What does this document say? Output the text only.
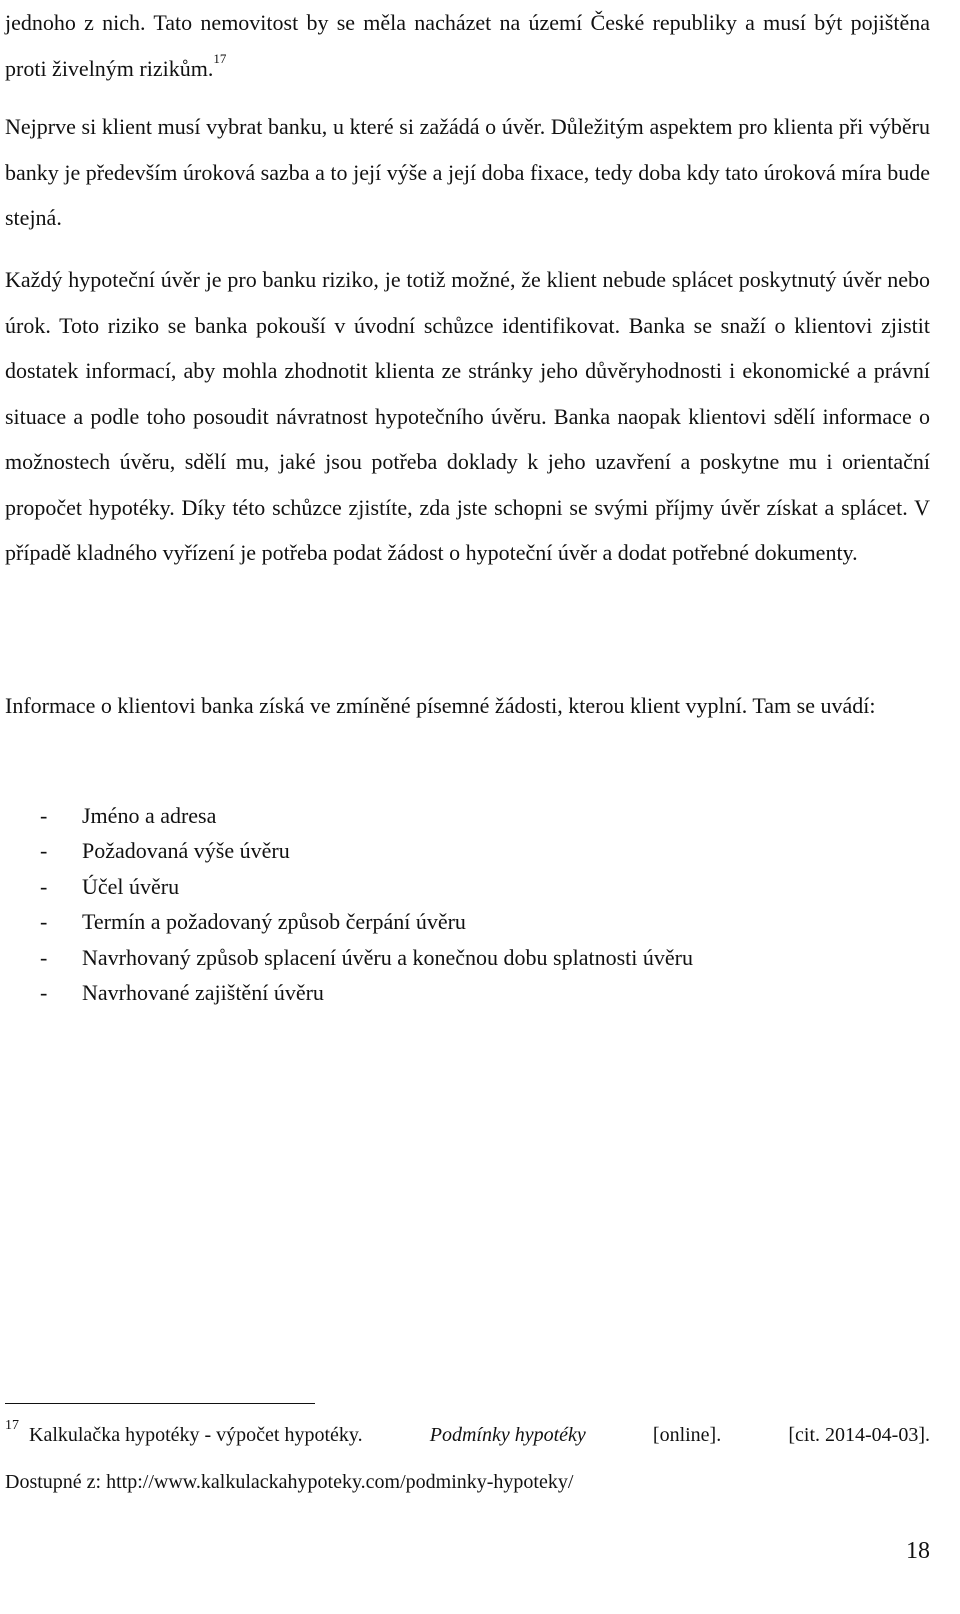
jednoho z nich. Tato nemovitost by se měla nacházet na území České republiky a musí být pojištěna proti živelným rizikům.$^{17}$

Nejprve si klient musí vybrat banku, u které si zažádá o úvěr. Důležitým aspektem pro klienta při výběru banky je především úroková sazba a to její výše a její doba fixace, tedy doba kdy tato úroková míra bude stejná.

Každý hypoteční úvěr je pro banku riziko, je totiž možné, že klient nebude splácet poskytnutý úvěr nebo úrok. Toto riziko se banka pokouší v úvodní schůzce identifikovat. Banka se snaží o klientovi zjistit dostatek informací, aby mohla zhodnotit klienta ze stránky jeho důvěryhodnosti i ekonomické a právní situace a podle toho posoudit návratnost hypotečního úvěru. Banka naopak klientovi sdělí informace o možnostech úvěru, sdělí mu, jaké jsou potřeba doklady k jeho uzavření a poskytne mu i orientační propočet hypotéky. Díky této schůzce zjistíte, zda jste schopni se svými příjmy úvěr získat a splácet. V případě kladného vyřízení je potřeba podat žádost o hypoteční úvěr a dodat potřebné dokumenty.

Informace o klientovi banka získá ve zmíněné písemné žádosti, kterou klient vyplní. Tam se uvádí:

- Jméno a adresa
- Požadovaná výše úvěru
- Účel úvěru
- Termín a požadovaný způsob čerpání úvěru
- Navrhovaný způsob splacení úvěru a konečnou dobu splatnosti úvěru
- Navrhované zajištění úvěru
17 Kalkulačka hypotéky - výpočet hypotéky.	Podmínky hypotéky	[online].	[cit. 2014-04-03].
Dostupné z: http://www.kalkulackahypoteky.com/podminky-hypoteky/
18
